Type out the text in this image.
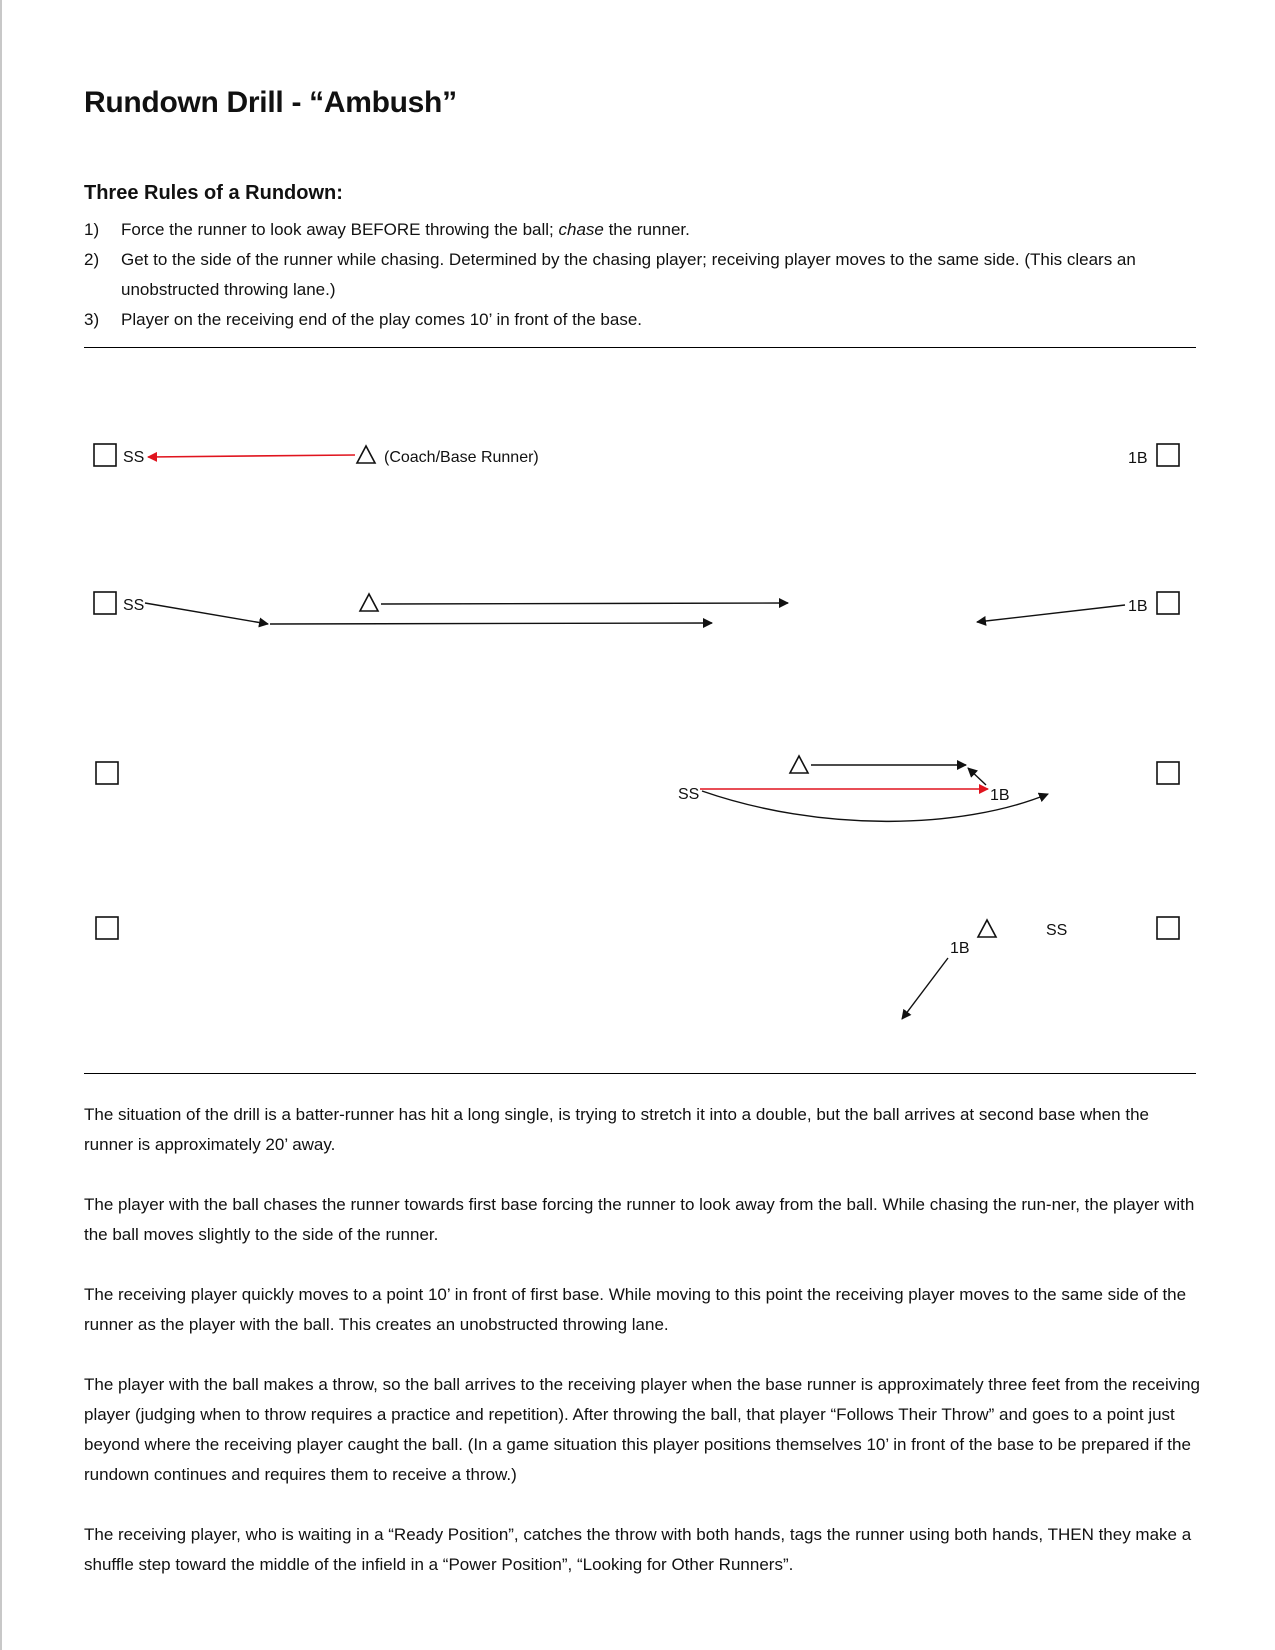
Rundown Drill - “Ambush”
Three Rules of a Rundown:
1) Force the runner to look away BEFORE throwing the ball; chase the runner.
2) Get to the side of the runner while chasing. Determined by the chasing player; receiving player moves to the same side. (This clears an unobstructed throwing lane.)
3) Player on the receiving end of the play comes 10’ in front of the base.
SS	(Coach/Base Runner)	1B
SS	1B
SS	1B
SS
1B

The situation of the drill is a batter-runner has hit a long single, is trying to stretch it into a double, but the ball arrives at second base when the runner is approximately 20’ away.

The player with the ball chases the runner towards first base forcing the runner to look away from the ball. While chasing the run-ner, the player with the ball moves slightly to the side of the runner.

The receiving player quickly moves to a point 10’ in front of first base. While moving to this point the receiving player moves to the same side of the runner as the player with the ball. This creates an unobstructed throwing lane.

The player with the ball makes a throw, so the ball arrives to the receiving player when the base runner is approximately three feet from the receiving player (judging when to throw requires a practice and repetition). After throwing the ball, that player “Follows Their Throw” and goes to a point just beyond where the receiving player caught the ball. (In a game situation this player positions themselves 10’ in front of the base to be prepared if the rundown continues and requires them to receive a throw.)

The receiving player, who is waiting in a “Ready Position”, catches the throw with both hands, tags the runner using both hands, THEN they make a shuffle step toward the middle of the infield in a “Power Position”, “Looking for Other Runners”.
